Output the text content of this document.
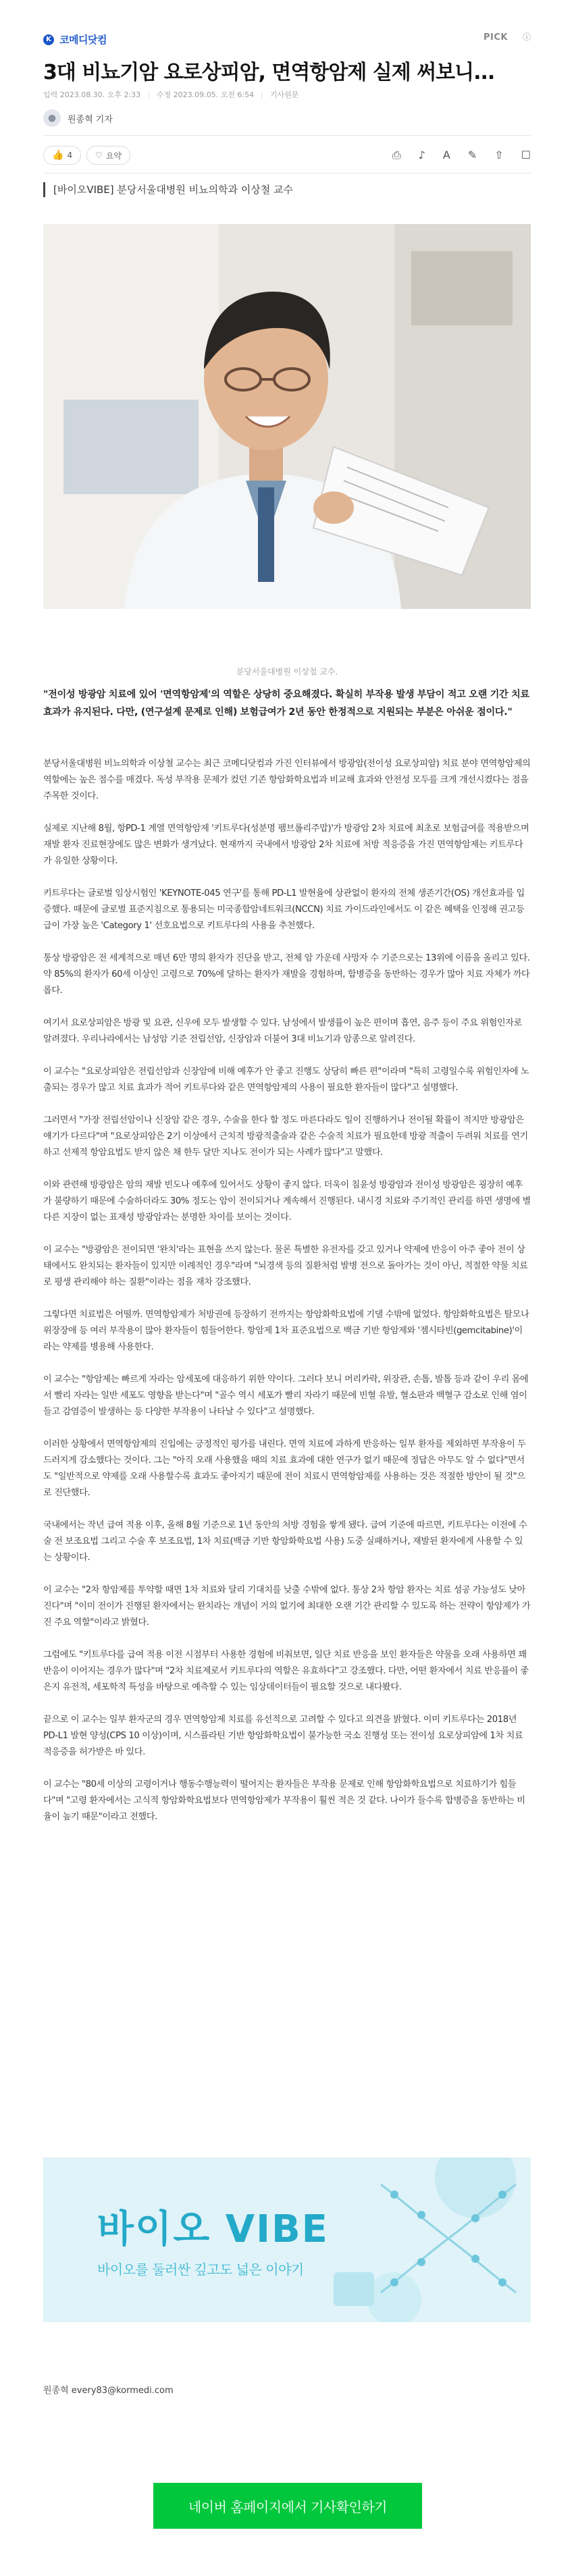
K 코메디닷컴	PICK ⓘ
3대 비뇨기암 요로상피암, 면역항암제 실제 써보니...
입력 2023.08.30. 오후 2:33 | 수정 2023.09.05. 오전 6:54 | 기사원문
●	원종혁 기자
👍 4	♡ 요약	⎙ ♪ A ✎ ⇧ ☐
[바이오VIBE] 분당서울대병원 비뇨의학과 이상철 교수
분당서울대병원 이상철 교수.
"전이성 방광암 치료에 있어 '면역항암제'의 역할은 상당히 중요해졌다. 확실히 부작용 발생 부담이 적고 오랜 기간 치료 효과가 유지된다. 다만, (연구설계 문제로 인해) 보험급여가 2년 동안 한정적으로 지원되는 부분은 아쉬운 점이다."

분당서울대병원 비뇨의학과 이상철 교수는 최근 코메디닷컴과 가진 인터뷰에서 방광암(전이성 요로상피암) 치료 분야 면역항암제의 역할에는 높은 점수를 매겼다. 독성 부작용 문제가 컸던 기존 항암화학요법과 비교해 효과와 안전성 모두를 크게 개선시켰다는 점을 주목한 것이다.

실제로 지난해 8월, 항PD-1 계열 면역항암제 '키트루다(성분명 펨브롤리주맙)'가 방광암 2차 치료에 최초로 보험급여를 적용받으며 재발 환자 진료현장에도 많은 변화가 생겨났다. 현재까지 국내에서 방광암 2차 치료에 처방 적응증을 가진 면역항암제는 키트루다가 유일한 상황이다.

키트루다는 글로벌 임상시험인 'KEYNOTE-045 연구'를 통해 PD-L1 발현율에 상관없이 환자의 전체 생존기간(OS) 개선효과를 입증했다. 때문에 글로벌 표준지침으로 통용되는 미국종합암네트워크(NCCN) 치료 가이드라인에서도 이 같은 혜택을 인정해 권고등급이 가장 높은 'Category 1' 선호요법으로 키트루다의 사용을 추천했다.

통상 방광암은 전 세계적으로 매년 6만 명의 환자가 진단을 받고, 전체 암 가운데 사망자 수 기준으로는 13위에 이름을 올리고 있다. 약 85%의 환자가 60세 이상인 고령으로 70%에 달하는 환자가 재발을 경험하며, 합병증을 동반하는 경우가 많아 치료 자체가 까다롭다.

여기서 요로상피암은 방광 및 요관, 신우에 모두 발생할 수 있다. 남성에서 발생률이 높은 편이며 흡연, 음주 등이 주요 위험인자로 알려졌다. 우리나라에서는 남성암 기준 전립선암, 신장암과 더불어 3대 비뇨기과 암종으로 알려진다.

이 교수는 "요로상피암은 전립선암과 신장암에 비해 예후가 안 좋고 진행도 상당히 빠른 편"이라며 "특히 고령일수록 위험인자에 노출되는 경우가 많고 치료 효과가 적어 키트루다와 같은 면역항암제의 사용이 필요한 환자들이 많다"고 설명했다.

그러면서 "가장 전립선암이나 신장암 같은 경우, 수술을 한다 할 정도 마른다라도 일이 진행하거나 전이될 확률이 적지만 방광암은 얘기가 다르다"며 "요로상피암은 2기 이상에서 근치적 방광적출술과 같은 수술적 치료가 필요한데 방광 적출이 두려워 치료를 연기하고 선제적 항암요법도 받지 않은 채 한두 달만 지나도 전이가 되는 사례가 많다"고 말했다.

이와 관련해 방광암은 암의 재발 빈도나 예후에 있어서도 상황이 좋지 않다. 더욱이 침윤성 방광암과 전이성 방광암은 굉장히 예후가 불량하기 때문에 수술하더라도 30% 정도는 암이 전이되거나 계속해서 진행된다. 내시경 치료와 주기적인 관리를 하면 생명에 별다른 지장이 없는 표재성 방광암과는 분명한 차이를 보이는 것이다.

이 교수는 "방광암은 전이되면 '완치'라는 표현을 쓰지 않는다. 물론 특별한 유전자를 갖고 있거나 약제에 반응이 아주 좋아 전이 상태에서도 완치되는 환자들이 있지만 이례적인 경우"라며 "뇌경색 등의 질환처럼 발병 전으로 돌아가는 것이 아닌, 적절한 약물 치료로 평생 관리해야 하는 질환"이라는 점을 재차 강조했다.

그렇다면 치료법은 어떨까. 면역항암제가 처방권에 등장하기 전까지는 항암화학요법에 기댈 수밖에 없었다. 항암화학요법은 탈모나 위장장애 등 여러 부작용이 많아 환자들이 힘들어한다. 항암제 1차 표준요법으로 백금 기반 항암제와 '젬시타빈(gemcitabine)'이라는 약제를 병용해 사용한다.

이 교수는 "항암제는 빠르게 자라는 암세포에 대응하기 위한 약이다. 그러다 보니 머리카락, 위장관, 손톱, 발톱 등과 같이 우리 몸에서 빨리 자라는 일반 세포도 영향을 받는다"며 "골수 역시 세포가 빨리 자라기 때문에 빈혈 유발, 혈소판과 백혈구 감소로 인해 염이 들고 감염증이 발생하는 등 다양한 부작용이 나타날 수 있다"고 설명했다.

이러한 상황에서 면역항암제의 진입에는 긍정적인 평가를 내린다. 면역 치료에 과하게 반응하는 일부 환자를 제외하면 부작용이 두드러지게 감소했다는 것이다. 그는 "아직 오래 사용했을 때의 치료 효과에 대한 연구가 없기 때문에 정답은 아무도 알 수 없다"면서도 "일반적으로 약제를 오래 사용할수록 효과도 좋아지기 때문에 전이 치료시 면역항암제를 사용하는 것은 적절한 방안이 될 것"으로 진단했다.

국내에서는 작년 급여 적용 이후, 올해 8월 기준으로 1년 동안의 처방 경험을 쌓게 됐다. 급여 기준에 따르면, 키트루다는 이전에 수술 전 보조요법 그리고 수술 후 보조요법, 1차 치료(백금 기반 항암화학요법 사용) 도중 실패하거나, 재발된 환자에게 사용할 수 있는 상황이다.

이 교수는 "2차 항암제를 투약할 때면 1차 치료와 달리 기대치를 낮출 수밖에 없다. 통상 2차 항암 환자는 치료 성공 가능성도 낮아진다"며 "이미 전이가 진행된 환자에서는 완치라는 개념이 거의 없기에 최대한 오랜 기간 관리할 수 있도록 하는 전략이 항암제가 가진 주요 역할"이라고 밝혔다.

그럼에도 "키트루다를 급여 적용 이전 시점부터 사용한 경험에 비춰보면, 일단 치료 반응을 보인 환자들은 약물을 오래 사용하면 꽤 반응이 이어지는 경우가 많다"며 "2차 치료제로서 키트루다의 역할은 유효하다"고 강조했다. 다만, 어떤 환자에서 치료 반응률이 좋은지 유전적, 세포학적 특성을 바탕으로 예측할 수 있는 임상데이터들이 필요할 것으로 내다봤다.

끝으로 이 교수는 일부 환자군의 경우 면역항암제 치료를 유선적으로 고려할 수 있다고 의견을 밝혔다. 이미 키트루다는 2018년 PD-L1 발현 양성(CPS 10 이상)이며, 시스플라틴 기반 항암화학요법이 불가능한 국소 진행성 또는 전이성 요로상피암에 1차 치료 적응증을 허가받은 바 있다.

이 교수는 "80세 이상의 고령이거나 행동수행능력이 떨어지는 환자들은 부작용 문제로 인해 항암화학요법으로 치료하기가 힘들다"며 "고령 환자에서는 고식적 항암화학요법보다 면역항암제가 부작용이 훨씬 적은 것 같다. 나이가 들수록 합병증을 동반하는 비율이 높기 때문"이라고 전했다.

바이오 VIBE
바이오를 둘러싼 깊고도 넓은 이야기
원종혁 every83@kormedi.com
네이버 홈페이지에서 기사확인하기
